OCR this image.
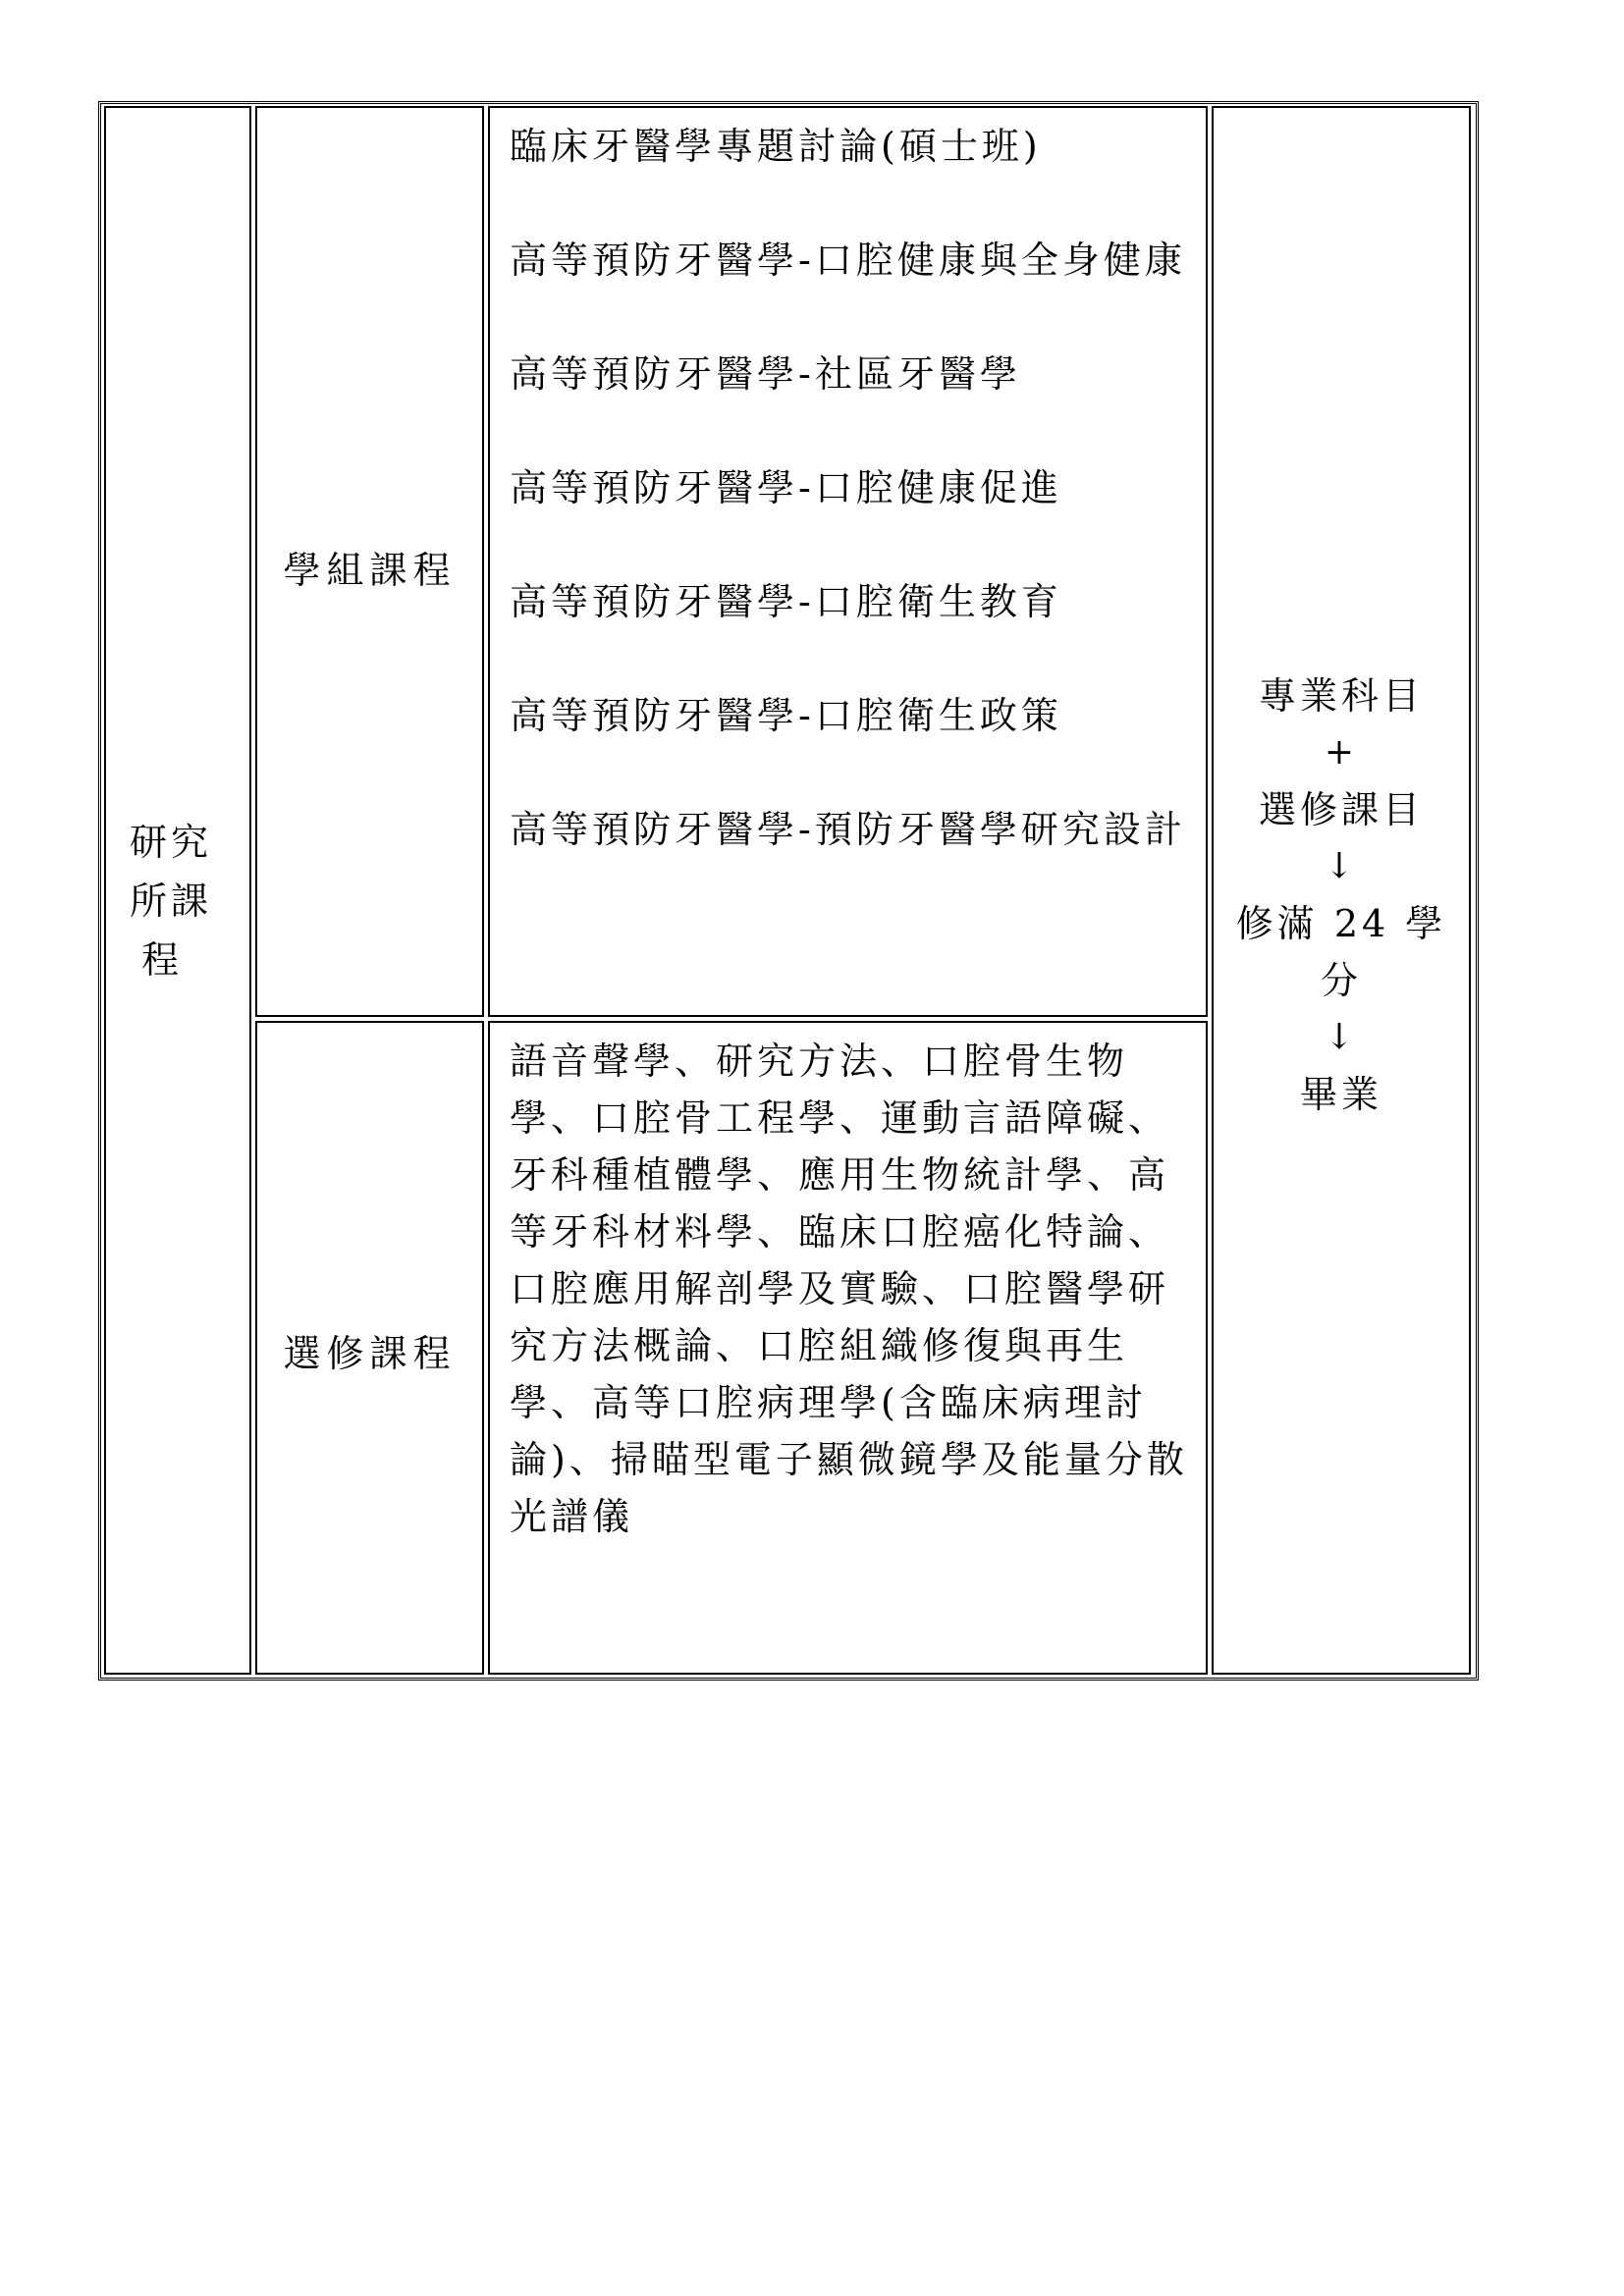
研究
所課
程
學組課程
臨床牙醫學專題討論(碩士班)
高等預防牙醫學-口腔健康與全身健康
高等預防牙醫學-社區牙醫學
高等預防牙醫學-口腔健康促進
高等預防牙醫學-口腔衛生教育
高等預防牙醫學-口腔衛生政策
高等預防牙醫學-預防牙醫學研究設計
選修課程
語音聲學、研究方法、口腔骨生物學、口腔骨工程學、運動言語障礙、牙科種植體學、應用生物統計學、高等牙科材料學、臨床口腔癌化特論、口腔應用解剖學及實驗、口腔醫學研究方法概論、口腔組織修復與再生學、高等口腔病理學(含臨床病理討論)、掃瞄型電子顯微鏡學及能量分散光譜儀
專業科目
+
選修課目
↓
修滿 24 學
分
↓
畢業
